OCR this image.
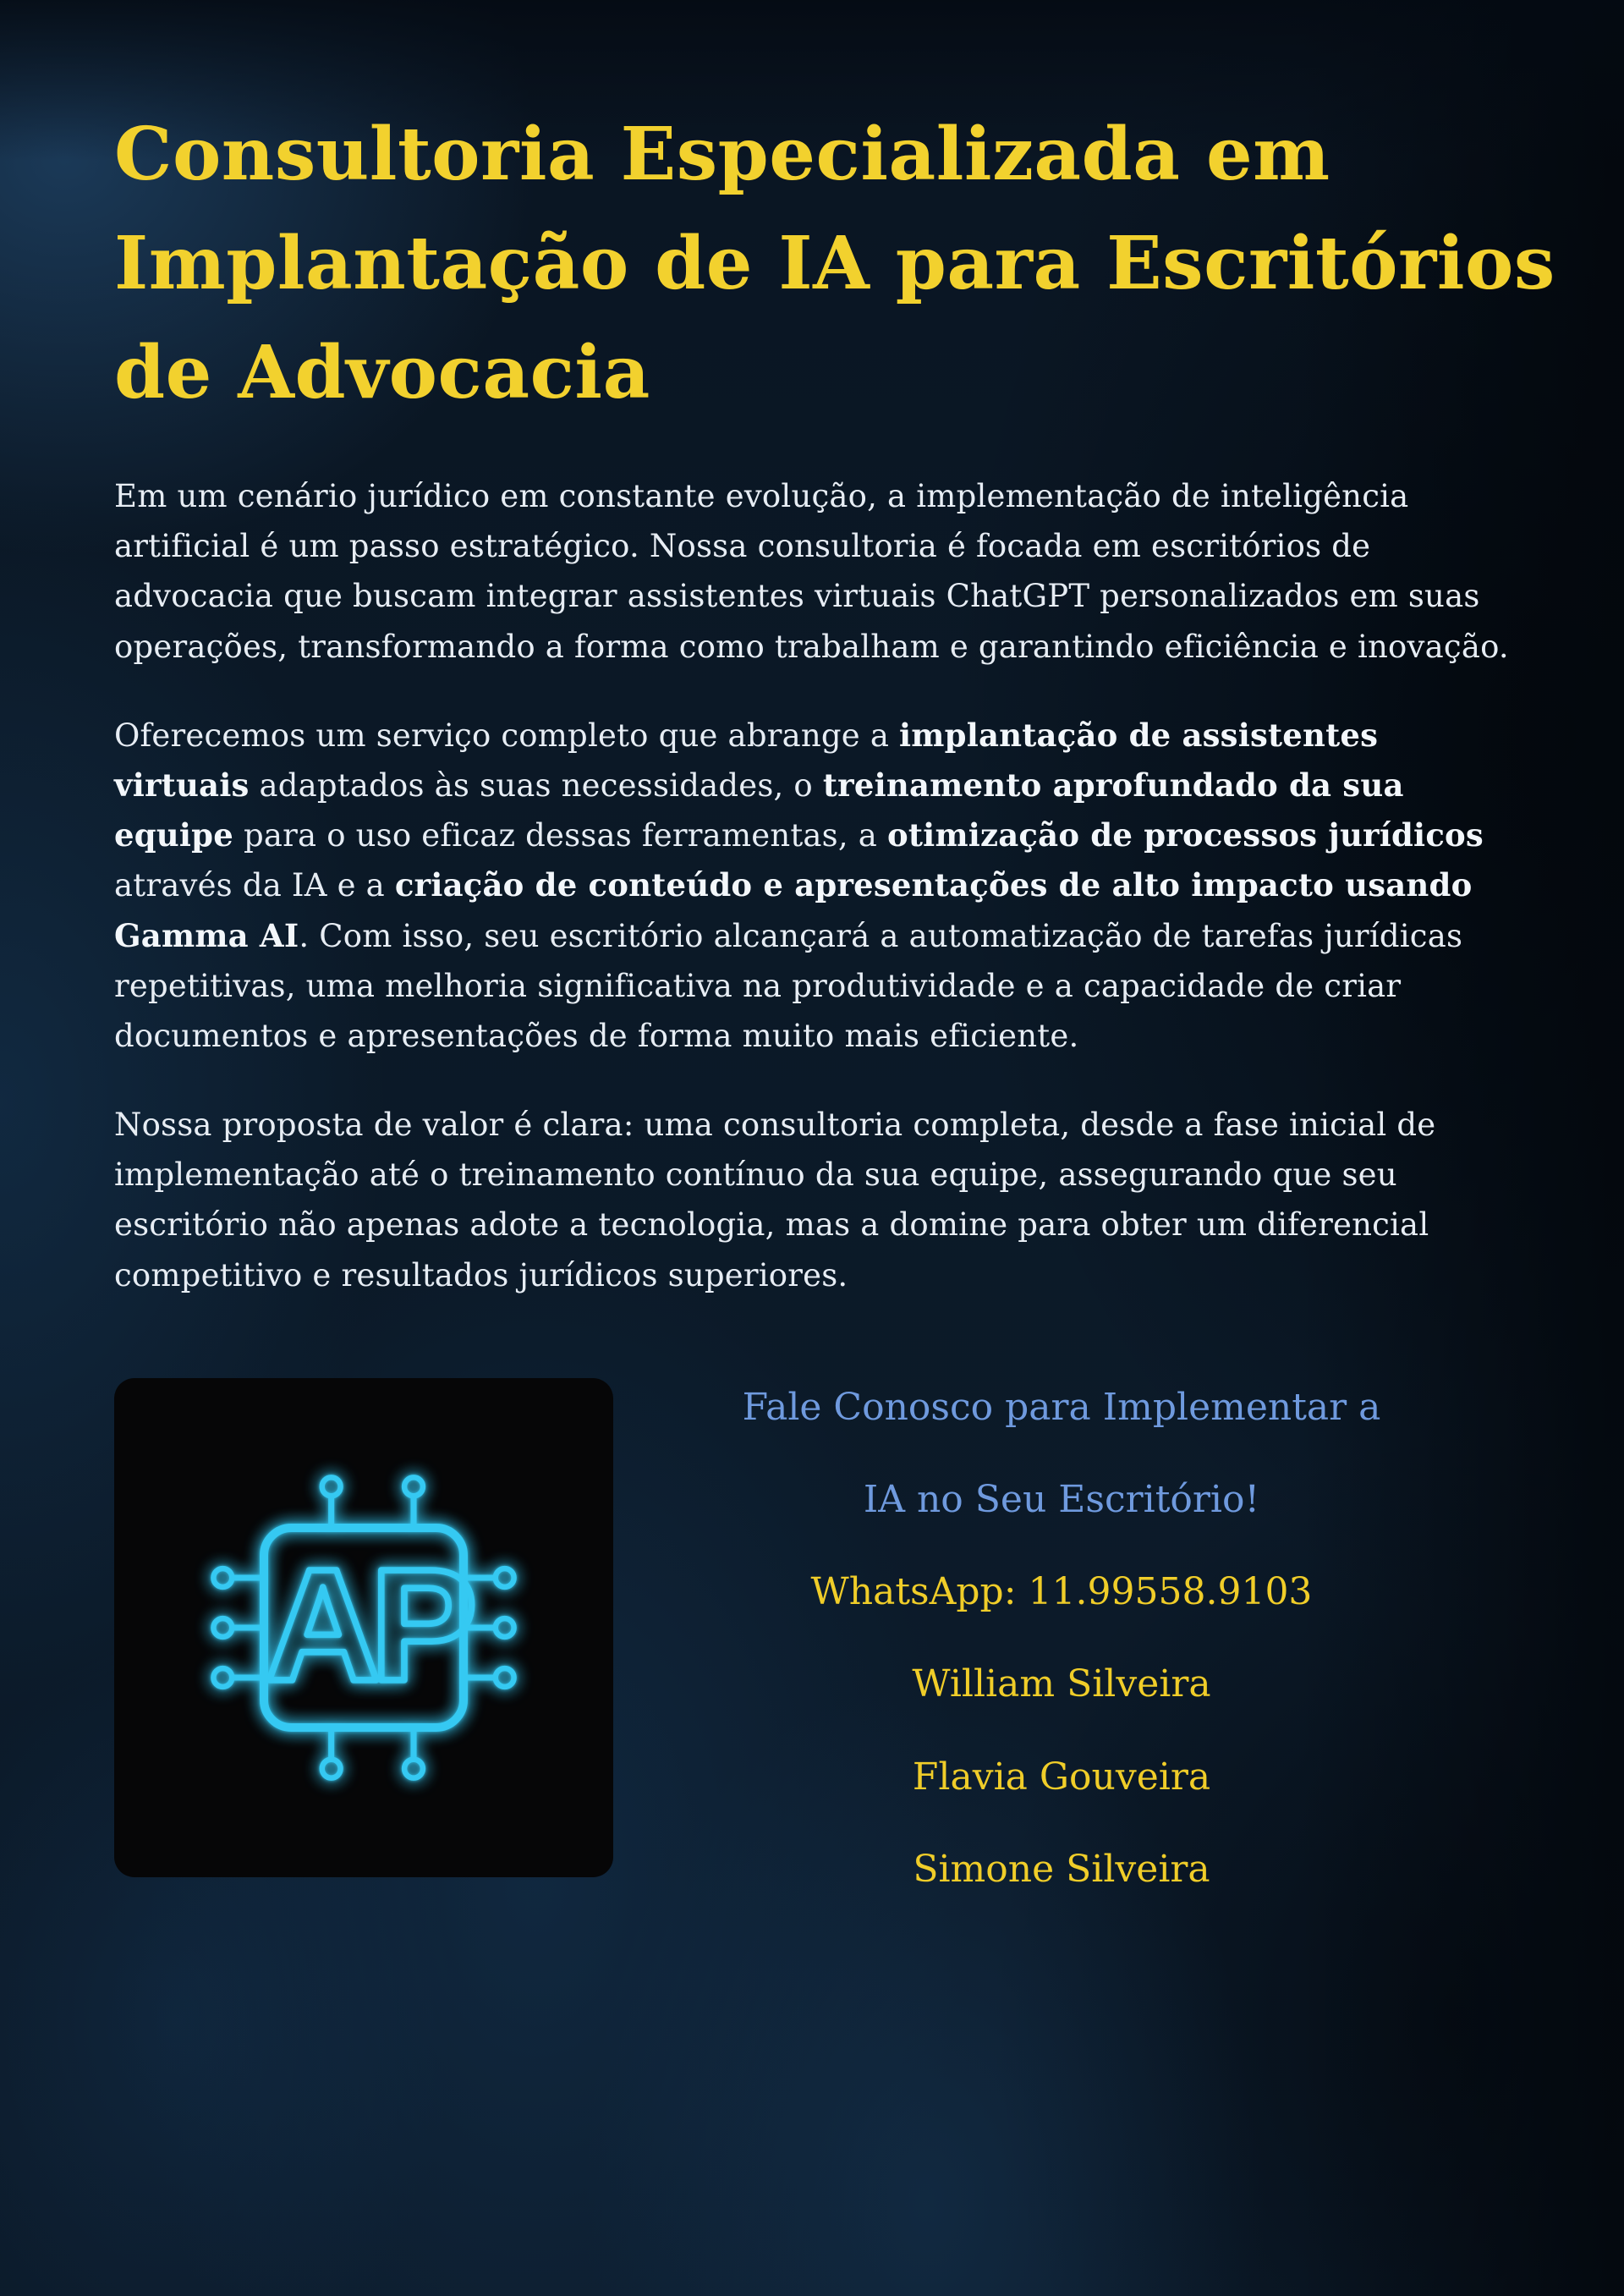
Consultoria Especializada em
Implantação de IA para Escritórios
de Advocacia

Em um cenário jurídico em constante evolução, a implementação de inteligência artificial é um passo estratégico. Nossa consultoria é focada em escritórios de advocacia que buscam integrar assistentes virtuais ChatGPT personalizados em suas operações, transformando a forma como trabalham e garantindo eficiência e inovação.

Oferecemos um serviço completo que abrange a implantação de assistentes virtuais adaptados às suas necessidades, o treinamento aprofundado da sua equipe para o uso eficaz dessas ferramentas, a otimização de processos jurídicos através da IA e a criação de conteúdo e apresentações de alto impacto usando Gamma AI. Com isso, seu escritório alcançará a automatização de tarefas jurídicas repetitivas, uma melhoria significativa na produtividade e a capacidade de criar documentos e apresentações de forma muito mais eficiente.

Nossa proposta de valor é clara: uma consultoria completa, desde a fase inicial de implementação até o treinamento contínuo da sua equipe, assegurando que seu escritório não apenas adote a tecnologia, mas a domine para obter um diferencial competitivo e resultados jurídicos superiores.

AP

Fale Conosco para Implementar a

IA no Seu Escritório!

WhatsApp: 11.99558.9103

William Silveira

Flavia Gouveira

Simone Silveira
